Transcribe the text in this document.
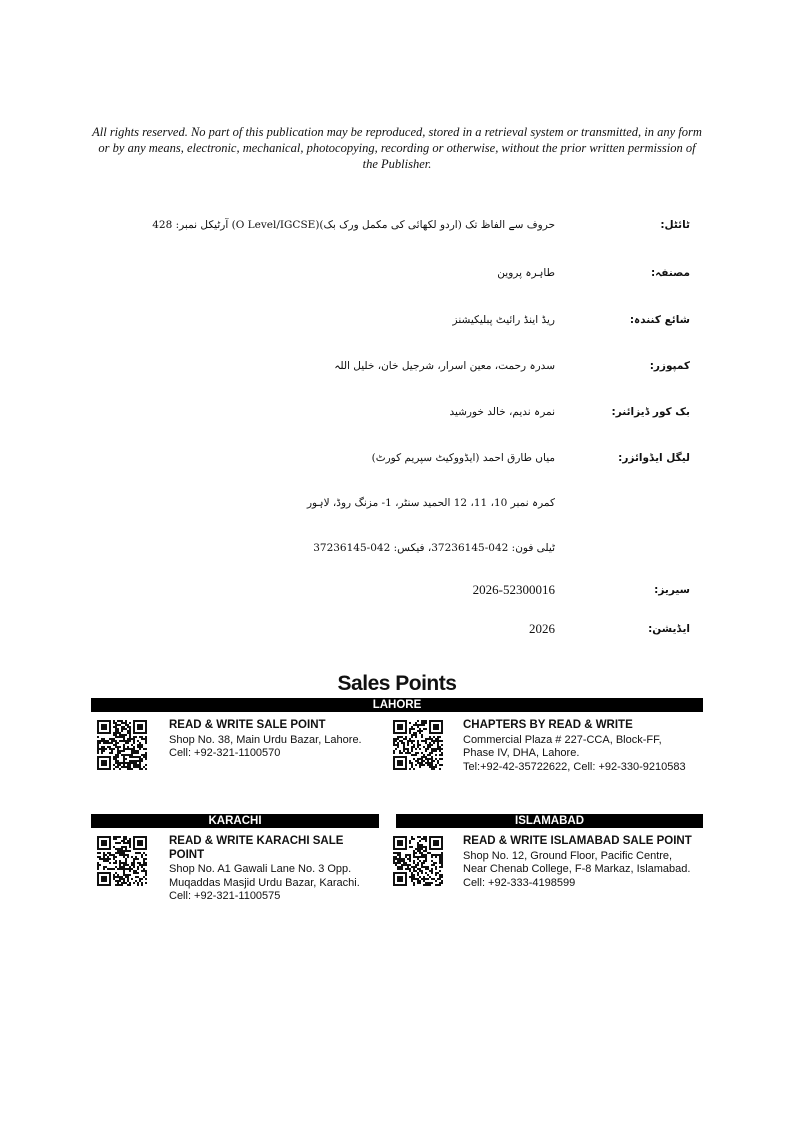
All rights reserved. No part of this publication may be reproduced, stored in a retrieval system or transmitted, in any form or by any means, electronic, mechanical, photocopying, recording or otherwise, without the prior written permission of the Publisher.
ٹائٹل:
حروف سے الفاظ تک (اردو لکھائی کی مکمل ورک بک)(O Level/IGCSE) آرٹیکل نمبر: 428
مصنفہ:
طاہرہ پروین
شائع کنندہ:
ریڈ اینڈ رائیٹ پبلیکیشنز
کمپوزر:
سدرہ رحمت، معین اسرار، شرجیل خان، خلیل اللہ
بک کور ڈیزائنر:
نمرہ ندیم، خالد خورشید
لیگل ایڈوائزر:
میاں طارق احمد (ایڈووکیٹ سپریم کورٹ)
کمرہ نمبر 10، 11، 12 الحمید سنٹر، 1- مزنگ روڈ، لاہور
ٹیلی فون: 042-37236145، فیکس: 042-37236145
سیریز:
2026-52300016
ایڈیشن:
2026
Sales Points
LAHORE
READ & WRITE SALE POINT
Shop No. 38, Main Urdu Bazar, Lahore.
Cell: +92-321-1100570
CHAPTERS BY READ & WRITE
Commercial Plaza # 227-CCA, Block-FF,
Phase IV, DHA, Lahore.
Tel:+92-42-35722622, Cell: +92-330-9210583
KARACHI	ISLAMABAD
READ & WRITE KARACHI SALE POINT
Shop No. A1 Gawali Lane No. 3 Opp.
Muqaddas Masjid Urdu Bazar, Karachi.
Cell: +92-321-1100575
READ & WRITE ISLAMABAD SALE POINT
Shop No. 12, Ground Floor, Pacific Centre,
Near Chenab College, F-8 Markaz, Islamabad.
Cell: +92-333-4198599
